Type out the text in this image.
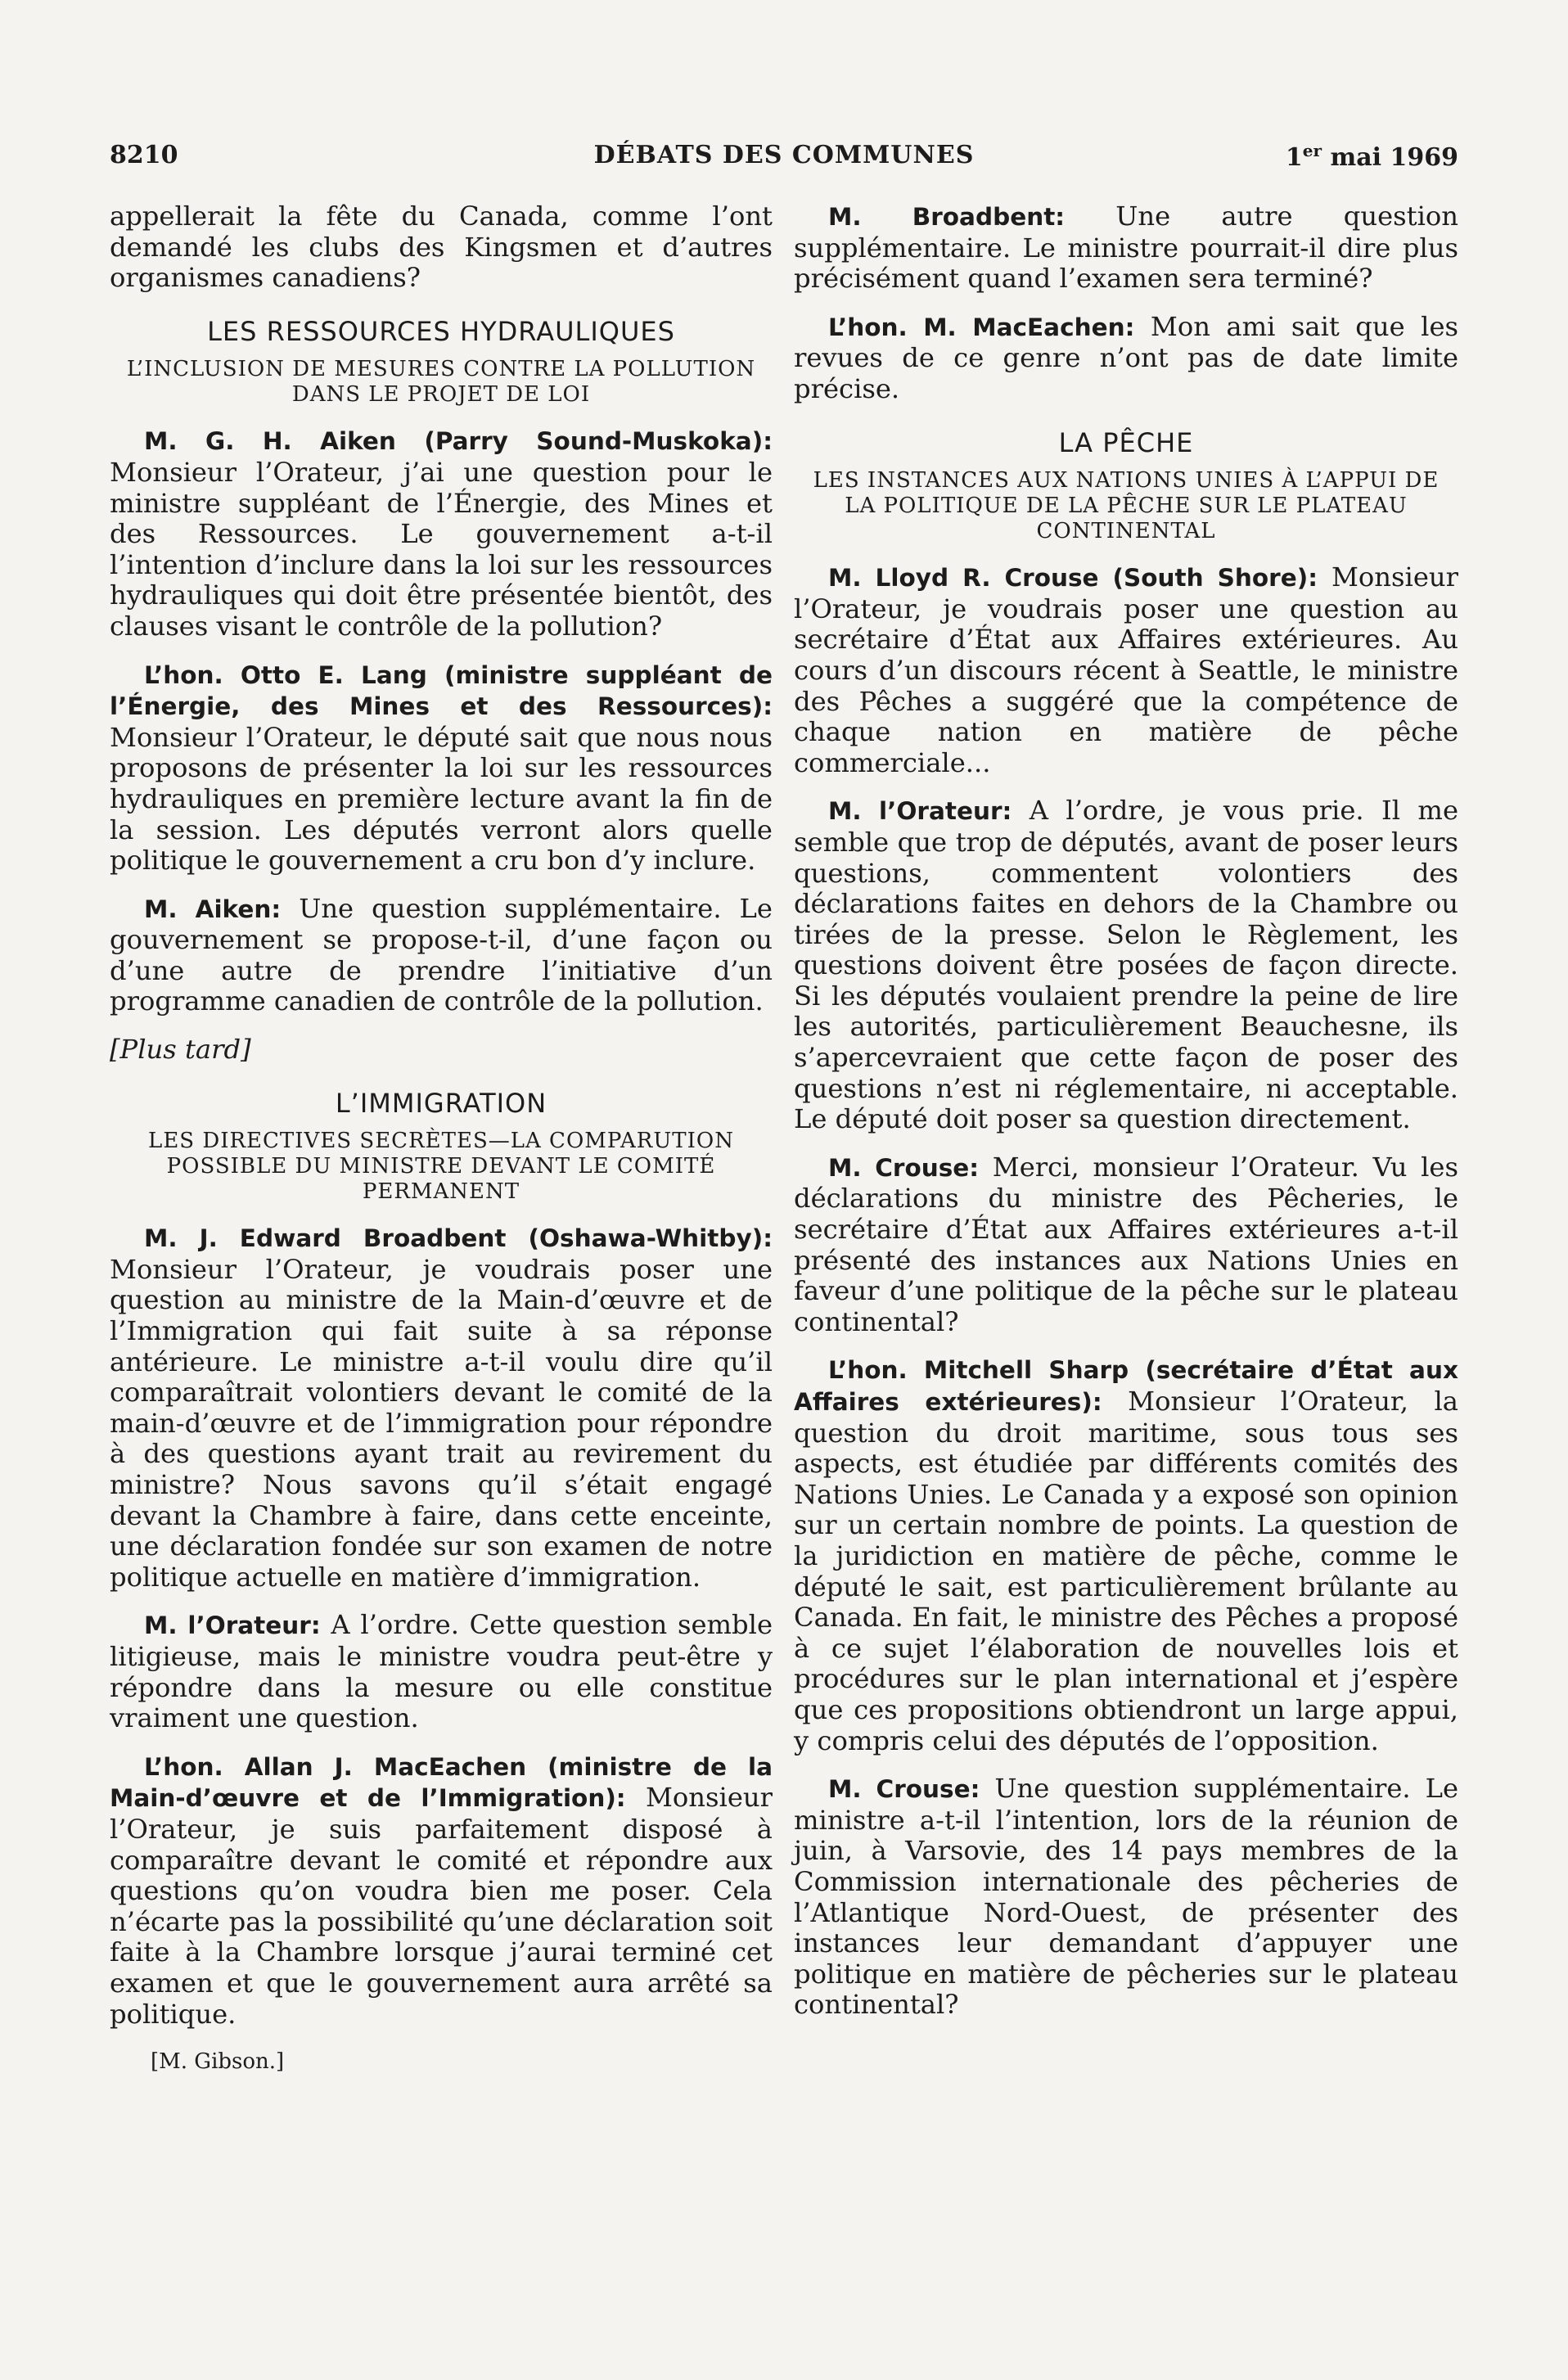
8210	DÉBATS DES COMMUNES	1er mai 1969

appellerait la fête du Canada, comme l’ont demandé les clubs des Kingsmen et d’autres organismes canadiens?

LES RESSOURCES HYDRAULIQUES
L’INCLUSION DE MESURES CONTRE LA POLLUTION DANS LE PROJET DE LOI

M. G. H. Aiken (Parry Sound-Muskoka): Monsieur l’Orateur, j’ai une question pour le ministre suppléant de l’Énergie, des Mines et des Ressources. Le gouvernement a-t-il l’intention d’inclure dans la loi sur les ressources hydrauliques qui doit être présentée bientôt, des clauses visant le contrôle de la pollution?

L’hon. Otto E. Lang (ministre suppléant de l’Énergie, des Mines et des Ressources): Monsieur l’Orateur, le député sait que nous nous proposons de présenter la loi sur les ressources hydrauliques en première lecture avant la fin de la session. Les députés verront alors quelle politique le gouvernement a cru bon d’y inclure.

M. Aiken: Une question supplémentaire. Le gouvernement se propose-t-il, d’une façon ou d’une autre de prendre l’initiative d’un programme canadien de contrôle de la pollution.

[Plus tard]

L’IMMIGRATION
LES DIRECTIVES SECRÈTES—LA COMPARUTION POSSIBLE DU MINISTRE DEVANT LE COMITÉ PERMANENT

M. J. Edward Broadbent (Oshawa-Whitby): Monsieur l’Orateur, je voudrais poser une question au ministre de la Main-d’œuvre et de l’Immigration qui fait suite à sa réponse antérieure. Le ministre a-t-il voulu dire qu’il comparaîtrait volontiers devant le comité de la main-d’œuvre et de l’immigration pour répondre à des questions ayant trait au revirement du ministre? Nous savons qu’il s’était engagé devant la Chambre à faire, dans cette enceinte, une déclaration fondée sur son examen de notre politique actuelle en matière d’immigration.

M. l’Orateur: A l’ordre. Cette question semble litigieuse, mais le ministre voudra peut-être y répondre dans la mesure ou elle constitue vraiment une question.

L’hon. Allan J. MacEachen (ministre de la Main-d’œuvre et de l’Immigration): Monsieur l’Orateur, je suis parfaitement disposé à comparaître devant le comité et répondre aux questions qu’on voudra bien me poser. Cela n’écarte pas la possibilité qu’une déclaration soit faite à la Chambre lorsque j’aurai terminé cet examen et que le gouvernement aura arrêté sa politique.

[M. Gibson.]

M. Broadbent: Une autre question supplémentaire. Le ministre pourrait-il dire plus précisément quand l’examen sera terminé?

L’hon. M. MacEachen: Mon ami sait que les revues de ce genre n’ont pas de date limite précise.

LA PÊCHE
LES INSTANCES AUX NATIONS UNIES À L’APPUI DE LA POLITIQUE DE LA PÊCHE SUR LE PLATEAU CONTINENTAL

M. Lloyd R. Crouse (South Shore): Monsieur l’Orateur, je voudrais poser une question au secrétaire d’État aux Affaires extérieures. Au cours d’un discours récent à Seattle, le ministre des Pêches a suggéré que la compétence de chaque nation en matière de pêche commerciale...

M. l’Orateur: A l’ordre, je vous prie. Il me semble que trop de députés, avant de poser leurs questions, commentent volontiers des déclarations faites en dehors de la Chambre ou tirées de la presse. Selon le Règlement, les questions doivent être posées de façon directe. Si les députés voulaient prendre la peine de lire les autorités, particulièrement Beauchesne, ils s’apercevraient que cette façon de poser des questions n’est ni réglementaire, ni acceptable. Le député doit poser sa question directement.

M. Crouse: Merci, monsieur l’Orateur. Vu les déclarations du ministre des Pêcheries, le secrétaire d’État aux Affaires extérieures a-t-il présenté des instances aux Nations Unies en faveur d’une politique de la pêche sur le plateau continental?

L’hon. Mitchell Sharp (secrétaire d’État aux Affaires extérieures): Monsieur l’Orateur, la question du droit maritime, sous tous ses aspects, est étudiée par différents comités des Nations Unies. Le Canada y a exposé son opinion sur un certain nombre de points. La question de la juridiction en matière de pêche, comme le député le sait, est particulièrement brûlante au Canada. En fait, le ministre des Pêches a proposé à ce sujet l’élaboration de nouvelles lois et procédures sur le plan international et j’espère que ces propositions obtiendront un large appui, y compris celui des députés de l’opposition.

M. Crouse: Une question supplémentaire. Le ministre a-t-il l’intention, lors de la réunion de juin, à Varsovie, des 14 pays membres de la Commission internationale des pêcheries de l’Atlantique Nord-Ouest, de présenter des instances leur demandant d’appuyer une politique en matière de pêcheries sur le plateau continental?
